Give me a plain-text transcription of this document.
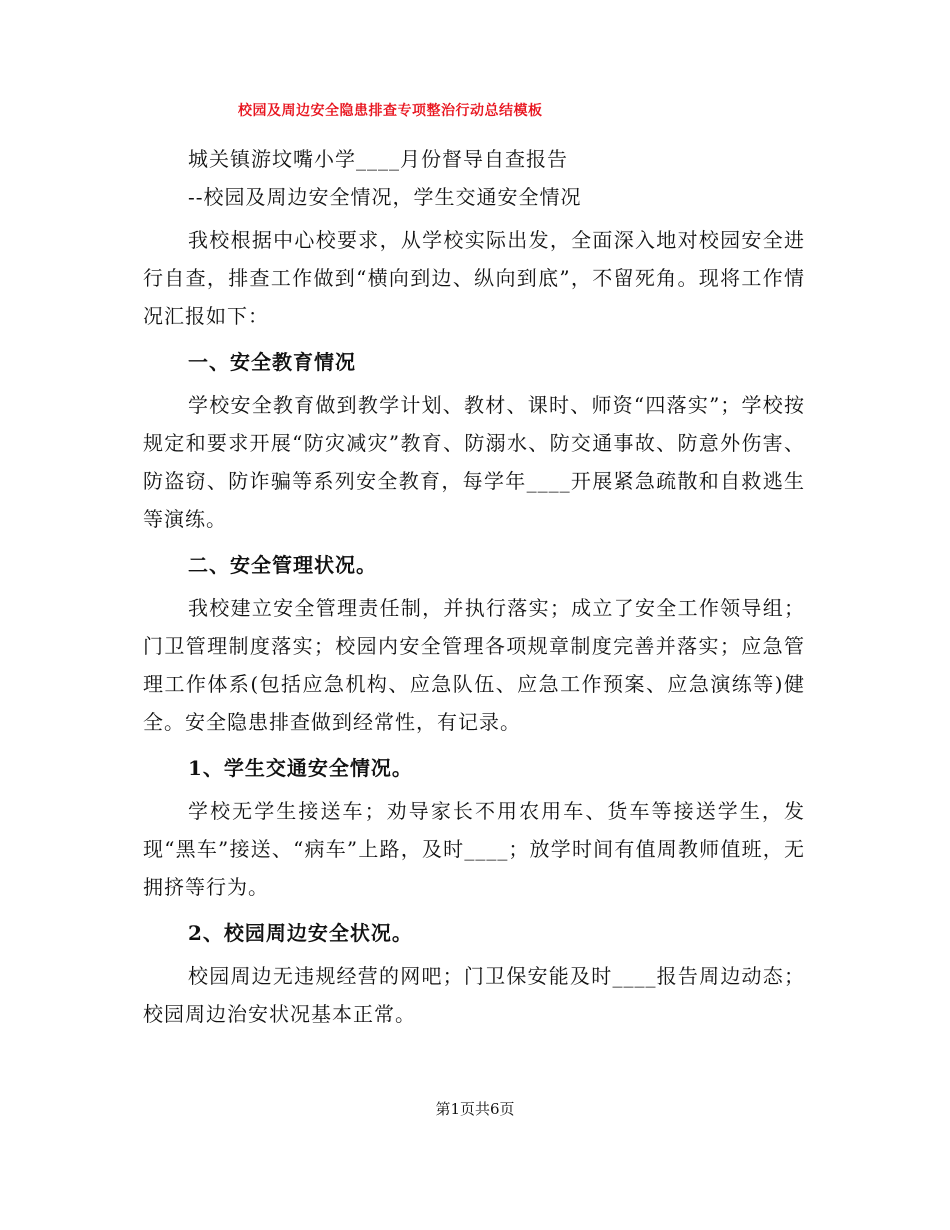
校园及周边安全隐患排查专项整治行动总结模板

城关镇游坟嘴小学____月份督导自查报告

--校园及周边安全情况，学生交通安全情况

我校根据中心校要求，从学校实际出发，全面深入地对校园安全进行自查，排查工作做到“横向到边、纵向到底”，不留死角。现将工作情况汇报如下：

一、安全教育情况

学校安全教育做到教学计划、教材、课时、师资“四落实”；学校按规定和要求开展“防灾减灾”教育、防溺水、防交通事故、防意外伤害、防盗窃、防诈骗等系列安全教育，每学年____开展紧急疏散和自救逃生等演练。

二、安全管理状况。

我校建立安全管理责任制，并执行落实；成立了安全工作领导组；门卫管理制度落实；校园内安全管理各项规章制度完善并落实；应急管理工作体系(包括应急机构、应急队伍、应急工作预案、应急演练等)健全。安全隐患排查做到经常性，有记录。

1、学生交通安全情况。

学校无学生接送车；劝导家长不用农用车、货车等接送学生，发现“黑车”接送、“病车”上路，及时____；放学时间有值周教师值班，无拥挤等行为。

2、校园周边安全状况。

校园周边无违规经营的网吧；门卫保安能及时____报告周边动态；校园周边治安状况基本正常。

第1页共6页
